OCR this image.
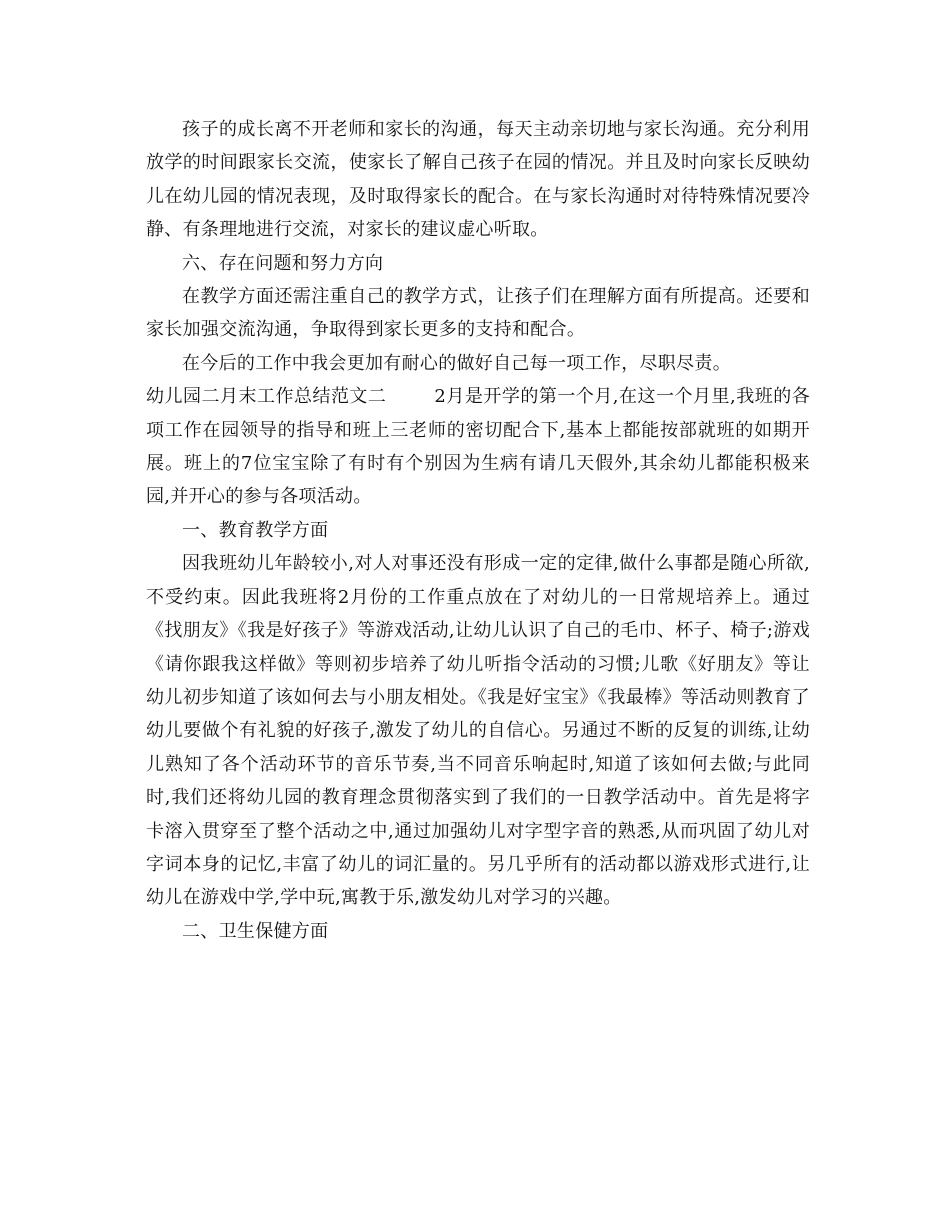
孩子的成长离不开老师和家长的沟通，每天主动亲切地与家长沟通。充分利用放学的时间跟家长交流，使家长了解自己孩子在园的情况。并且及时向家长反映幼儿在幼儿园的情况表现，及时取得家长的配合。在与家长沟通时对待特殊情况要冷静、有条理地进行交流，对家长的建议虚心听取。

六、存在问题和努力方向

在教学方面还需注重自己的教学方式，让孩子们在理解方面有所提高。还要和家长加强交流沟通，争取得到家长更多的支持和配合。

在今后的工作中我会更加有耐心的做好自己每一项工作，尽职尽责。

幼儿园二月末工作总结范文二	2月是开学的第一个月,在这一个月里,我班的各项工作在园领导的指导和班上三老师的密切配合下,基本上都能按部就班的如期开展。班上的7位宝宝除了有时有个别因为生病有请几天假外,其余幼儿都能积极来园,并开心的参与各项活动。

一、教育教学方面

因我班幼儿年龄较小,对人对事还没有形成一定的定律,做什么事都是随心所欲,不受约束。因此我班将2月份的工作重点放在了对幼儿的一日常规培养上。通过《找朋友》《我是好孩子》等游戏活动,让幼儿认识了自己的毛巾、杯子、椅子;游戏《请你跟我这样做》等则初步培养了幼儿听指令活动的习惯;儿歌《好朋友》等让幼儿初步知道了该如何去与小朋友相处。《我是好宝宝》《我最棒》等活动则教育了幼儿要做个有礼貌的好孩子,激发了幼儿的自信心。另通过不断的反复的训练,让幼儿熟知了各个活动环节的音乐节奏,当不同音乐响起时,知道了该如何去做;与此同时,我们还将幼儿园的教育理念贯彻落实到了我们的一日教学活动中。首先是将字卡溶入贯穿至了整个活动之中,通过加强幼儿对字型字音的熟悉,从而巩固了幼儿对字词本身的记忆,丰富了幼儿的词汇量的。另几乎所有的活动都以游戏形式进行,让幼儿在游戏中学,学中玩,寓教于乐,激发幼儿对学习的兴趣。

二、卫生保健方面
